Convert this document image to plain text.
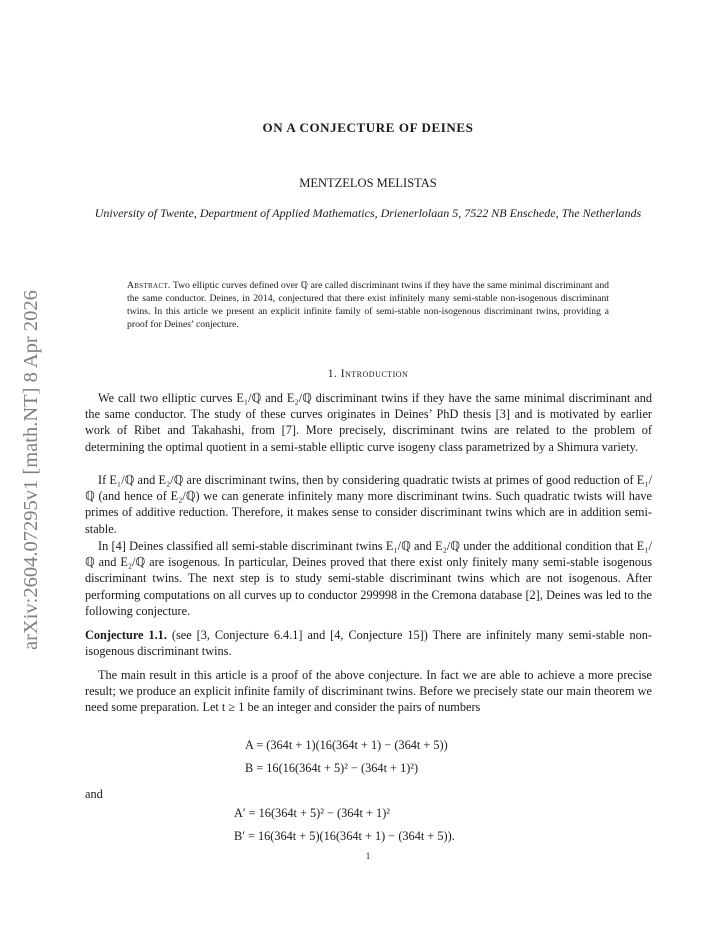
arXiv:2604.07295v1 [math.NT] 8 Apr 2026
ON A CONJECTURE OF DEINES
MENTZELOS MELISTAS
University of Twente, Department of Applied Mathematics, Drienerlolaan 5, 7522 NB Enschede, The Netherlands
Abstract. Two elliptic curves defined over ℚ are called discriminant twins if they have the same minimal discriminant and the same conductor. Deines, in 2014, conjectured that there exist infinitely many semi-stable non-isogenous discriminant twins. In this article we present an explicit infinite family of semi-stable non-isogenous discriminant twins, providing a proof for Deines’ conjecture.
1. Introduction
We call two elliptic curves E₁/ℚ and E₂/ℚ discriminant twins if they have the same minimal discriminant and the same conductor. The study of these curves originates in Deines’ PhD thesis [3] and is motivated by earlier work of Ribet and Takahashi, from [7]. More precisely, discriminant twins are related to the problem of determining the optimal quotient in a semi-stable elliptic curve isogeny class parametrized by a Shimura variety.
If E₁/ℚ and E₂/ℚ are discriminant twins, then by considering quadratic twists at primes of good reduction of E₁/ℚ (and hence of E₂/ℚ) we can generate infinitely many more discriminant twins. Such quadratic twists will have primes of additive reduction. Therefore, it makes sense to consider discriminant twins which are in addition semi-stable.
In [4] Deines classified all semi-stable discriminant twins E₁/ℚ and E₂/ℚ under the additional condition that E₁/ℚ and E₂/ℚ are isogenous. In particular, Deines proved that there exist only finitely many semi-stable isogenous discriminant twins. The next step is to study semi-stable discriminant twins which are not isogenous. After performing computations on all curves up to conductor 299998 in the Cremona database [2], Deines was led to the following conjecture.
Conjecture 1.1. (see [3, Conjecture 6.4.1] and [4, Conjecture 15]) There are infinitely many semi-stable non-isogenous discriminant twins.
The main result in this article is a proof of the above conjecture. In fact we are able to achieve a more precise result; we produce an explicit infinite family of discriminant twins. Before we precisely state our main theorem we need some preparation. Let t ≥ 1 be an integer and consider the pairs of numbers
A = (364t + 1)(16(364t + 1) − (364t + 5))
B = 16(16(364t + 5)² − (364t + 1)²)
and
A′ = 16(364t + 5)² − (364t + 1)²
B′ = 16(364t + 5)(16(364t + 1) − (364t + 5)).
1
